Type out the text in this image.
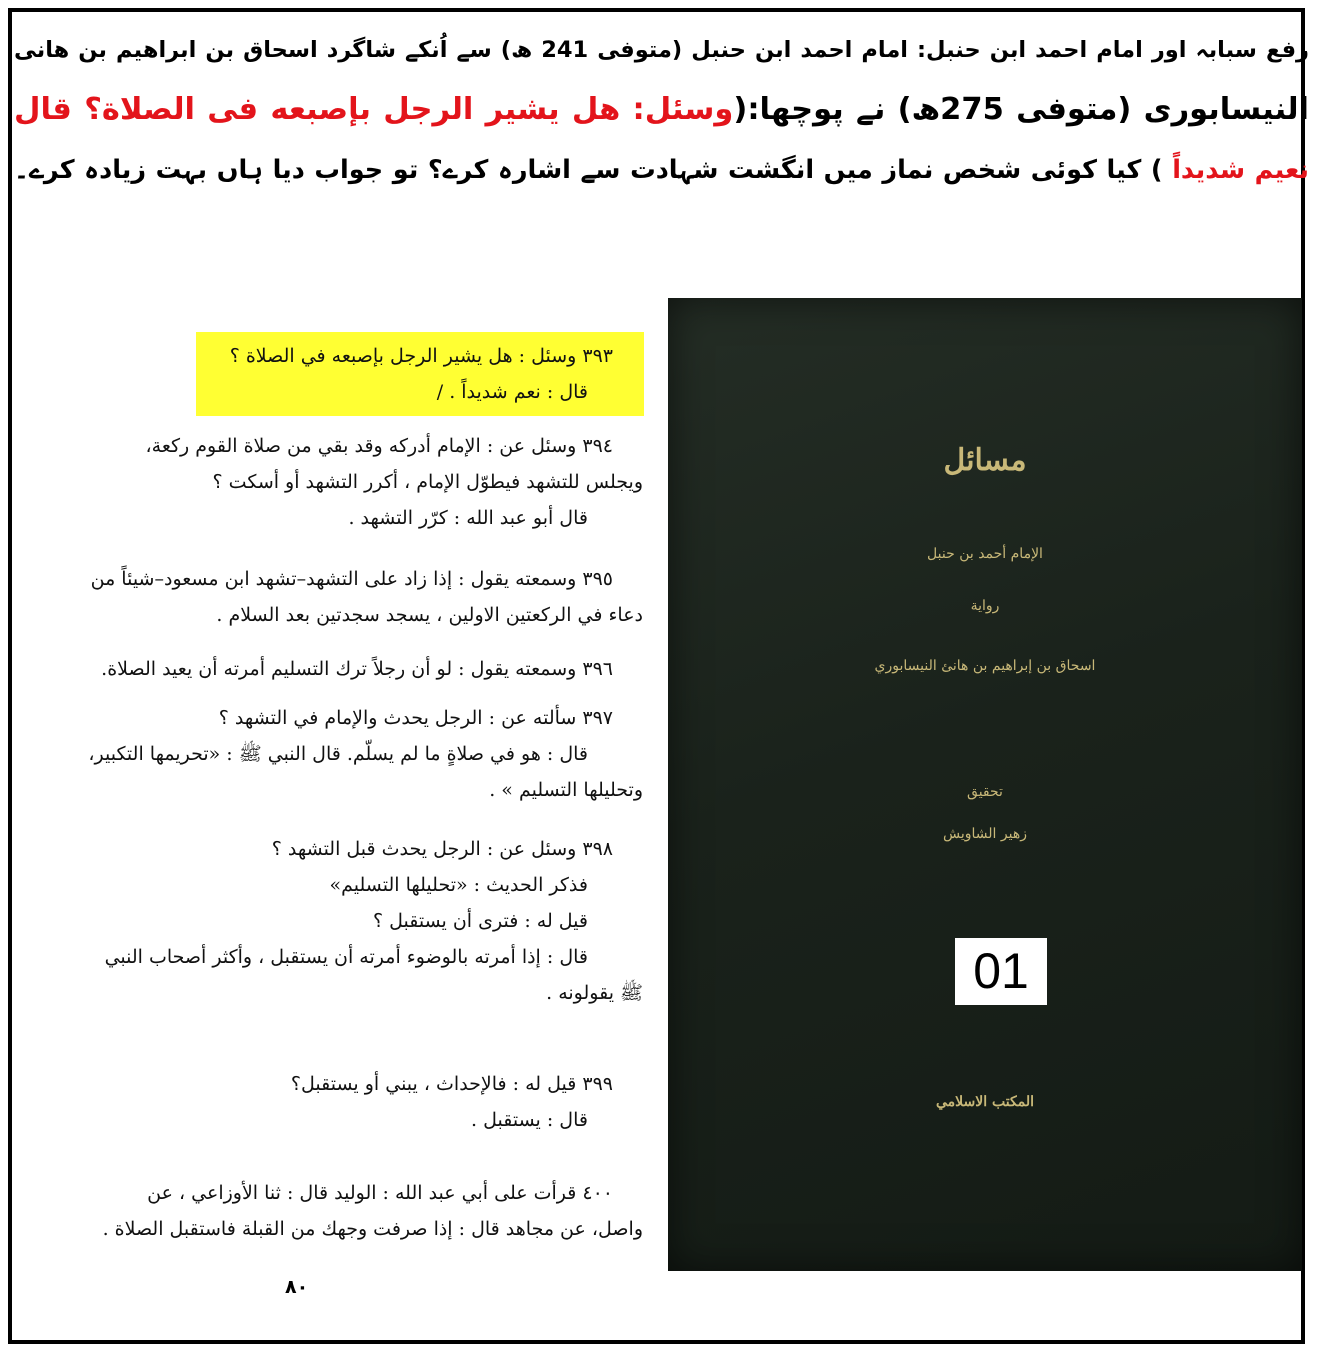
رفع سبابہ اور امام احمد ابن حنبل: امام احمد ابن حنبل (متوفی 241 ھ) سے اُنکے شاگرد اسحاق بن ابراھیم بن ھانی
النیسابوری (متوفی 275ھ) نے پوچھا:(وسئل: ھل یشیر الرجل بإصبعه فی الصلاة؟ قال
نعیم شدیداً ) کیا کوئی شخص نماز میں انگشت شہادت سے اشارہ کرے؟ تو جواب دیا ہاں بہت زیادہ کرے۔
٣٩٣ وسئل : هل يشير الرجل بإصبعه في الصلاة ؟
قال : نعم شديداً . /
٣٩٤ وسئل عن : الإمام أدركه وقد بقي من صلاة القوم ركعة،
ويجلس للتشهد فيطوّل الإمام ، أكرر التشهد أو أسكت ؟
قال أبو عبد الله : كرّر التشهد .
٣٩٥ وسمعته يقول : إذا زاد على التشهد–تشهد ابن مسعود–شيئاً من
دعاء في الركعتين الاولين ، يسجد سجدتين بعد السلام .
٣٩٦ وسمعته يقول : لو أن رجلاً ترك التسليم أمرته أن يعيد الصلاة.
٣٩٧ سألته عن : الرجل يحدث والإمام في التشهد ؟
قال : هو في صلاةٍ ما لم يسلّم. قال النبي ﷺ : «تحريمها التكبير،
وتحليلها التسليم » .
٣٩٨ وسئل عن : الرجل يحدث قبل التشهد ؟
فذكر الحديث : «تحليلها التسليم»
قيل له : فترى أن يستقبل ؟
قال : إذا أمرته بالوضوء أمرته أن يستقبل ، وأكثر أصحاب النبي
ﷺ يقولونه .
٣٩٩ قيل له : فالإحداث ، يبني أو يستقبل؟
قال : يستقبل .
٤٠٠ قرأت على أبي عبد الله : الوليد قال : ثنا الأوزاعي ، عن
واصل، عن مجاهد قال : إذا صرفت وجهك من القبلة فاستقبل الصلاة .
٨٠
مسائل
الإمام أحمد بن حنبل
رواية
اسحاق بن إبراهيم بن هانئ النيسابوري
تحقيق
زهير الشاويش
01
المكتب الاسلامي
